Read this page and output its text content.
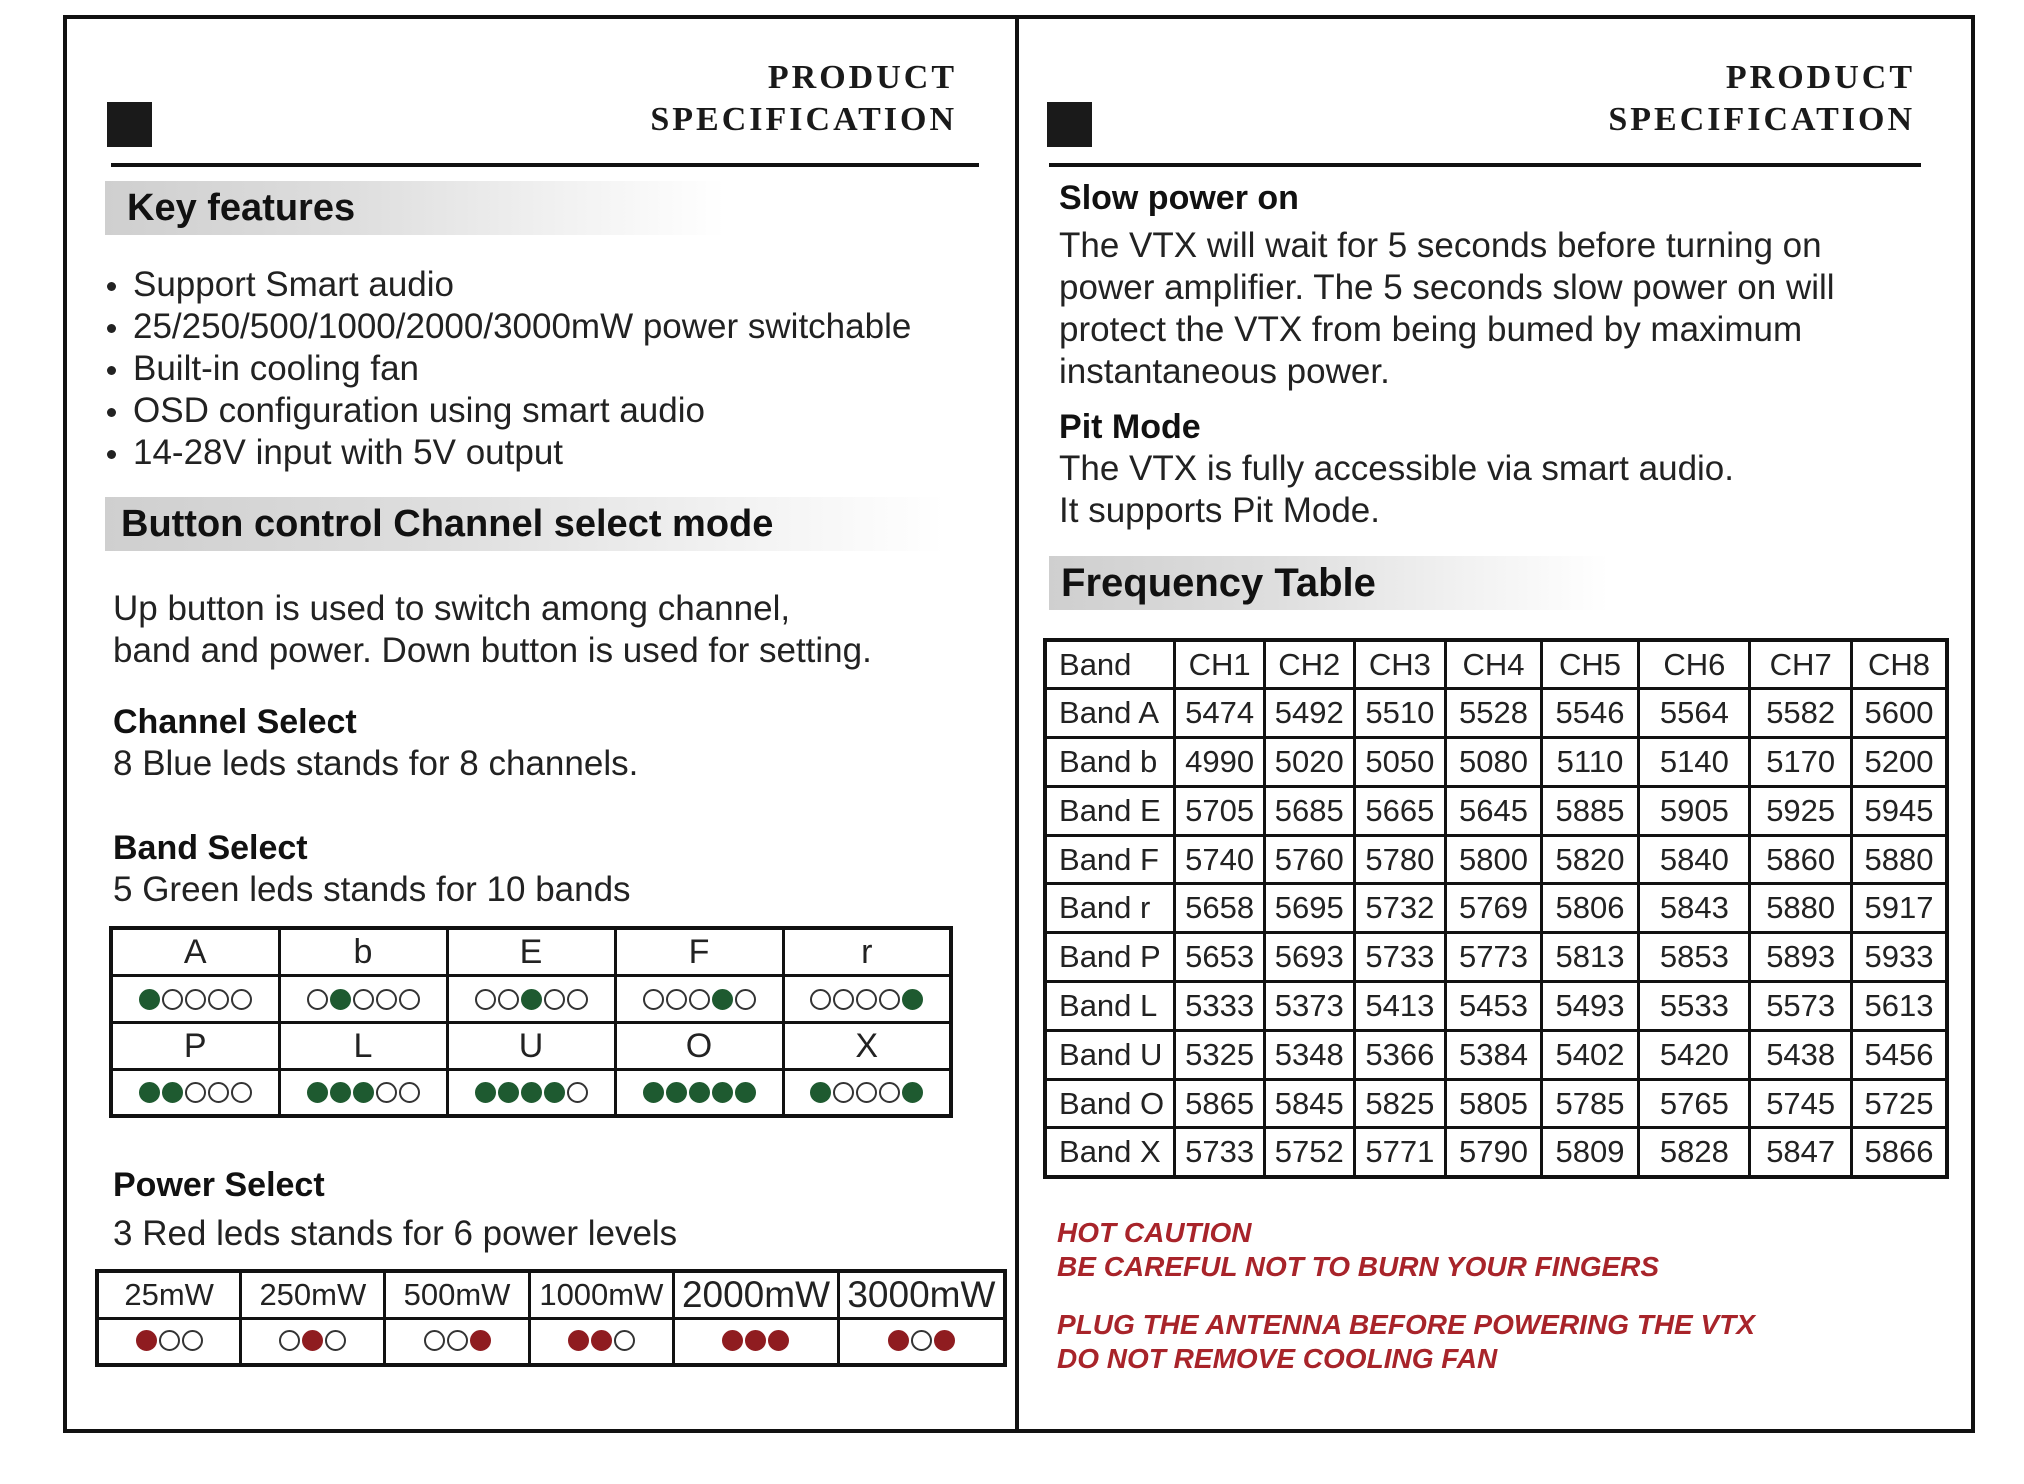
PRODUCT
SPECIFICATION
Key features
Support Smart audio
25/250/500/1000/2000/3000mW power switchable
Built-in cooling fan
OSD configuration using smart audio
14-28V input with 5V output
Button control Channel select mode
Up button is used to switch among channel,
band and power. Down button is used for setting.
Channel Select
8 Blue leds stands for 8 channels.
Band Select
5 Green leds stands for 10 bands
A	b	E	F	r

P	L	U	O	X

Power Select
3 Red leds stands for 6 power levels
25mW	250mW	500mW	1000mW	2000mW	3000mW

PRODUCT
SPECIFICATION
Slow power on
The VTX will wait for 5 seconds before turning on
power amplifier. The 5 seconds slow power on will
protect the VTX from being bumed by maximum
instantaneous power.
Pit Mode
The VTX is fully accessible via smart audio.
It supports Pit Mode.
Frequency Table
Band	CH1	CH2	CH3	CH4	CH5	CH6	CH7	CH8
Band A	5474	5492	5510	5528	5546	5564	5582	5600
Band b	4990	5020	5050	5080	5110	5140	5170	5200
Band E	5705	5685	5665	5645	5885	5905	5925	5945
Band F	5740	5760	5780	5800	5820	5840	5860	5880
Band r	5658	5695	5732	5769	5806	5843	5880	5917
Band P	5653	5693	5733	5773	5813	5853	5893	5933
Band L	5333	5373	5413	5453	5493	5533	5573	5613
Band U	5325	5348	5366	5384	5402	5420	5438	5456
Band O	5865	5845	5825	5805	5785	5765	5745	5725
Band X	5733	5752	5771	5790	5809	5828	5847	5866
HOT CAUTION
BE CAREFUL NOT TO BURN YOUR FINGERS
PLUG THE ANTENNA BEFORE POWERING THE VTX
DO NOT REMOVE COOLING FAN
